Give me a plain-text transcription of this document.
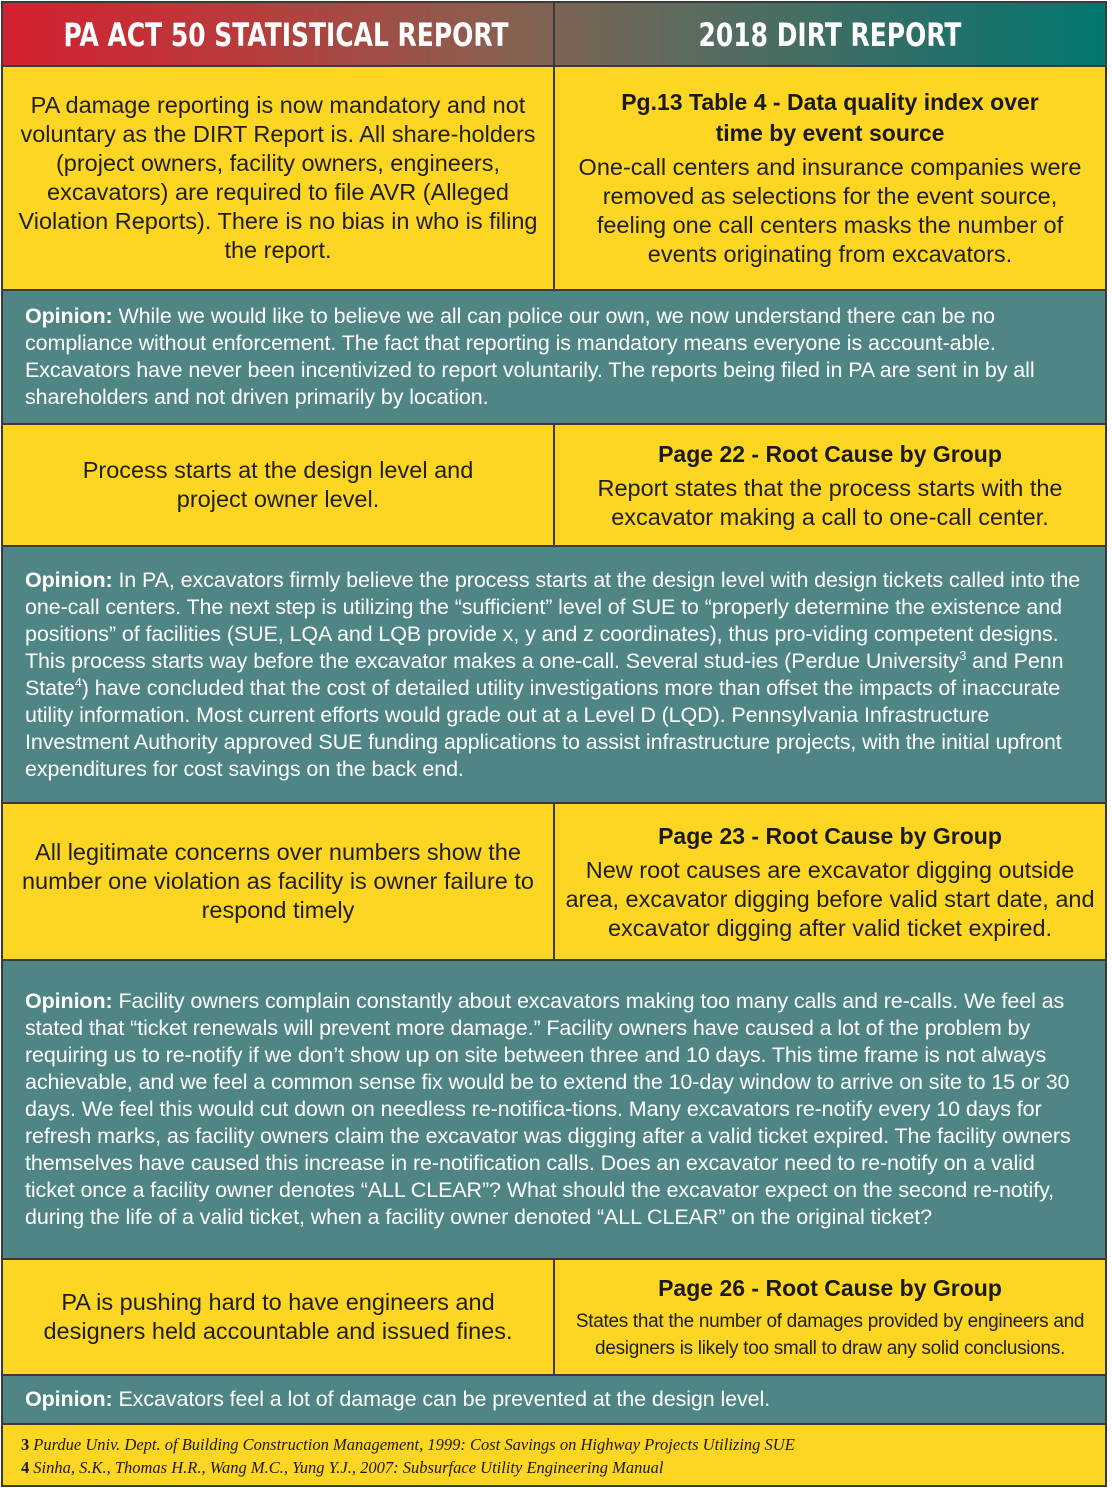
PA ACT 50 STATISTICAL REPORT	2018 DIRT REPORT
PA damage reporting is now mandatory and not voluntary as the DIRT Report is. All share-holders (project owners, facility owners, engineers, excavators) are required to file AVR (Alleged Violation Reports). There is no bias in who is filing the report.
Pg.13 Table 4 - Data quality index over time by event source
One-call centers and insurance companies were removed as selections for the event source, feeling one call centers masks the number of events originating from excavators.
Opinion: While we would like to believe we all can police our own, we now understand there can be no compliance without enforcement. The fact that reporting is mandatory means everyone is account-able. Excavators have never been incentivized to report voluntarily. The reports being filed in PA are sent in by all shareholders and not driven primarily by location.
Process starts at the design level and project owner level.
Page 22 - Root Cause by Group
Report states that the process starts with the excavator making a call to one-call center.
Opinion: In PA, excavators firmly believe the process starts at the design level with design tickets called into the one-call centers. The next step is utilizing the “sufficient” level of SUE to “properly determine the existence and positions” of facilities (SUE, LQA and LQB provide x, y and z coordinates), thus pro-viding competent designs. This process starts way before the excavator makes a one-call. Several stud-ies (Perdue University$^3$ and Penn State$^4$) have concluded that the cost of detailed utility investigations more than offset the impacts of inaccurate utility information. Most current efforts would grade out at a Level D (LQD). Pennsylvania Infrastructure Investment Authority approved SUE funding applications to assist infrastructure projects, with the initial upfront expenditures for cost savings on the back end.
All legitimate concerns over numbers show the number one violation as facility is owner failure to respond timely
Page 23 - Root Cause by Group
New root causes are excavator digging outside area, excavator digging before valid start date, and excavator digging after valid ticket expired.
Opinion: Facility owners complain constantly about excavators making too many calls and re-calls. We feel as stated that “ticket renewals will prevent more damage.” Facility owners have caused a lot of the problem by requiring us to re-notify if we don’t show up on site between three and 10 days. This time frame is not always achievable, and we feel a common sense fix would be to extend the 10-day window to arrive on site to 15 or 30 days. We feel this would cut down on needless re-notifica-tions. Many excavators re-notify every 10 days for refresh marks, as facility owners claim the excavator was digging after a valid ticket expired. The facility owners themselves have caused this increase in re-notification calls. Does an excavator need to re-notify on a valid ticket once a facility owner denotes “ALL CLEAR”? What should the excavator expect on the second re-notify, during the life of a valid ticket, when a facility owner denoted “ALL CLEAR” on the original ticket?
PA is pushing hard to have engineers and designers held accountable and issued fines.
Page 26 - Root Cause by Group
States that the number of damages provided by engineers and designers is likely too small to draw any solid conclusions.
Opinion: Excavators feel a lot of damage can be prevented at the design level.
3 Purdue Univ. Dept. of Building Construction Management, 1999: Cost Savings on Highway Projects Utilizing SUE
4 Sinha, S.K., Thomas H.R., Wang M.C., Yung Y.J., 2007: Subsurface Utility Engineering Manual
